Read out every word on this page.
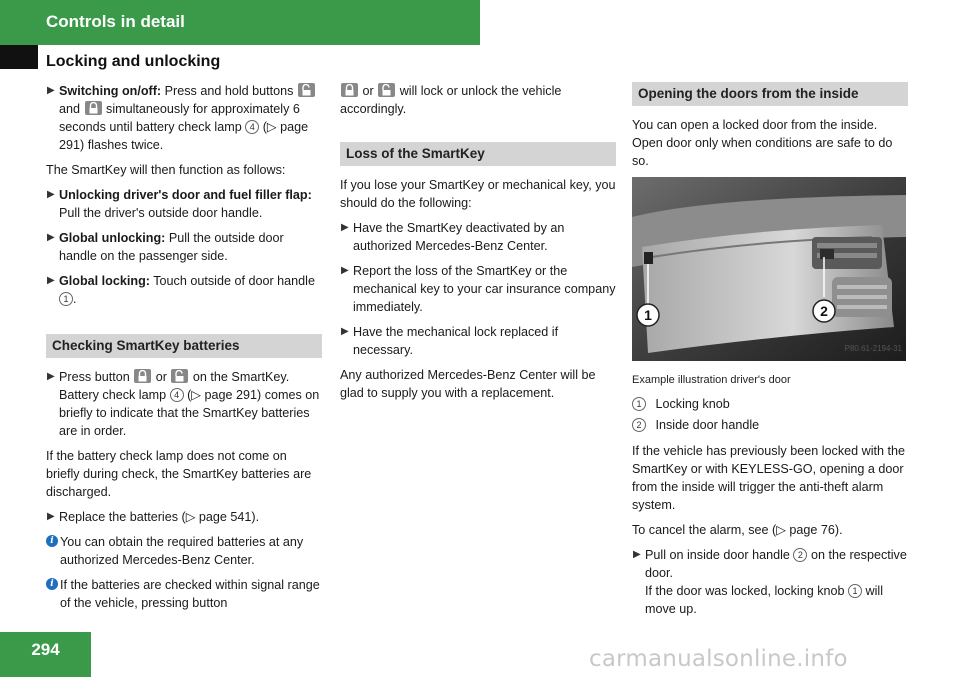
Controls in detail
Locking and unlocking
▶ Switching on/off: Press and hold buttons
and simultaneously for approximately 6 seconds until battery check lamp 4 (▷ page 291) flashes twice.
The SmartKey will then function as follows:
▶ Unlocking driver's door and fuel filler flap: Pull the driver's outside door handle.
▶ Global unlocking: Pull the outside door handle on the passenger side.
▶ Global locking: Touch outside of door handle 1 .
Checking SmartKey batteries
▶ Press button or on the SmartKey.
Battery check lamp 4 (▷ page 291) comes on briefly to indicate that the SmartKey batteries are in order.
If the battery check lamp does not come on briefly during check, the SmartKey batteries are discharged.
▶ Replace the batteries (▷ page 541).
i You can obtain the required batteries at any authorized Mercedes-Benz Center.
i If the batteries are checked within signal range of the vehicle, pressing button
or will lock or unlock the vehicle accordingly.
Loss of the SmartKey
If you lose your SmartKey or mechanical key, you should do the following:
▶ Have the SmartKey deactivated by an authorized Mercedes-Benz Center.
▶ Report the loss of the SmartKey or the mechanical key to your car insurance company immediately.
▶ Have the mechanical lock replaced if necessary.
Any authorized Mercedes-Benz Center will be glad to supply you with a replacement.
Opening the doors from the inside
You can open a locked door from the inside. Open door only when conditions are safe to do so.
1	2
P80.61-2194-31
Example illustration driver's door
1 Locking knob
2 Inside door handle
If the vehicle has previously been locked with the SmartKey or with KEYLESS-GO, opening a door from the inside will trigger the anti-theft alarm system.
To cancel the alarm, see (▷ page 76).
▶ Pull on inside door handle 2 on the respective door.
If the door was locked, locking knob 1 will move up.
294	carmanualsonline.info
